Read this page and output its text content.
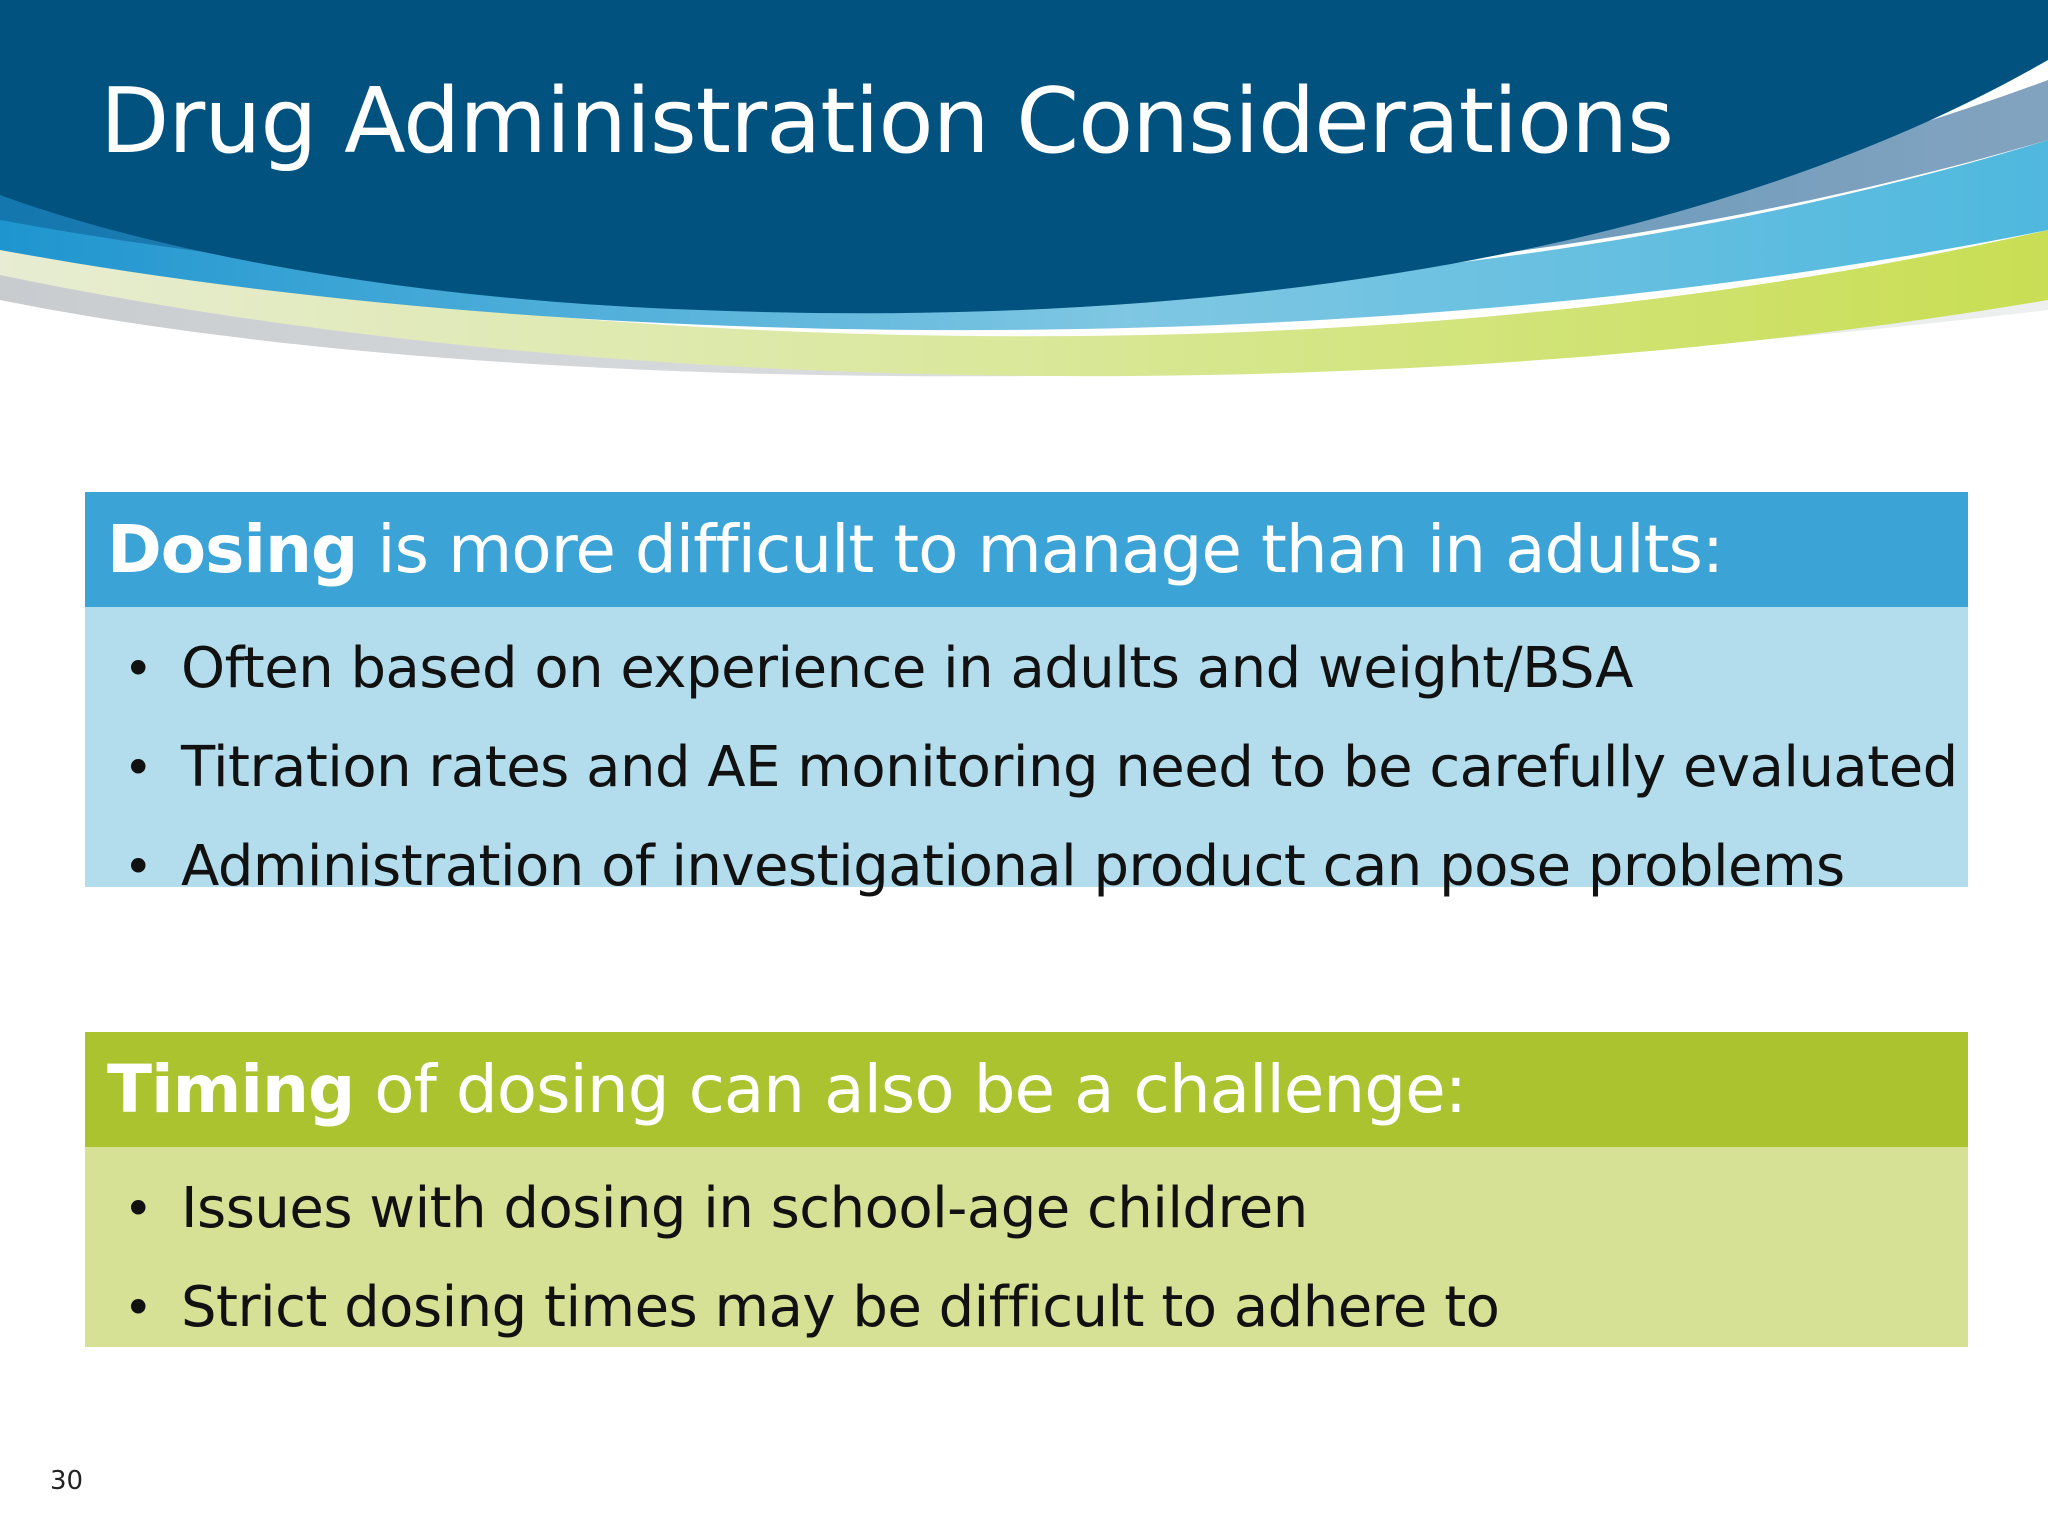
Drug Administration Considerations
Dosing is more difficult to manage than in adults:
• Often based on experience in adults and weight/BSA
• Titration rates and AE monitoring need to be carefully evaluated
• Administration of investigational product can pose problems
Timing of dosing can also be a challenge:
• Issues with dosing in school-age children
• Strict dosing times may be difficult to adhere to
30
